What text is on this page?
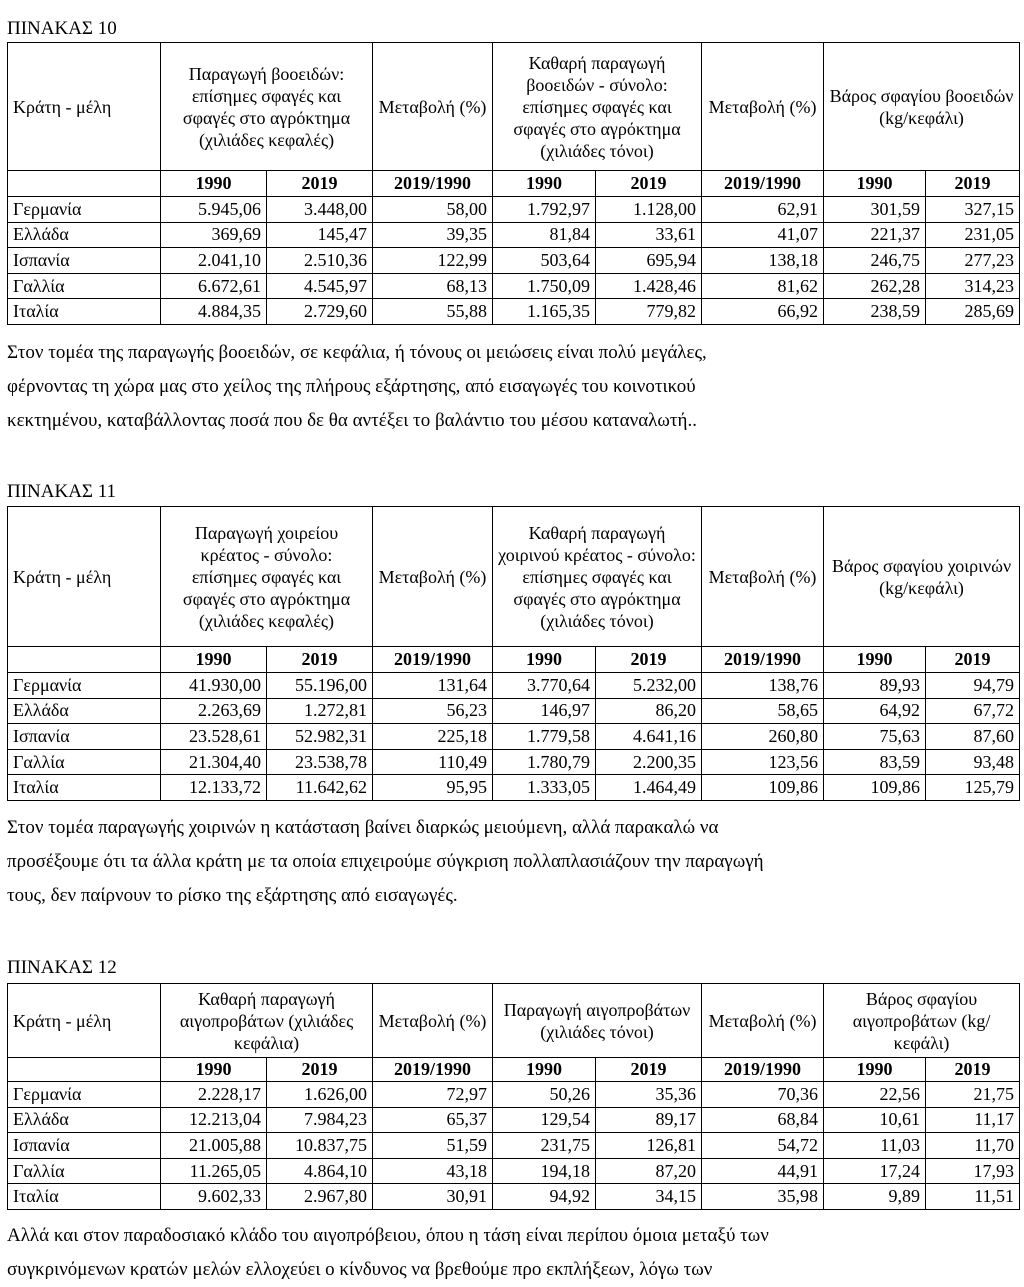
ΠΙΝΑΚΑΣ 10
Κράτη - μέλη	Παραγωγή βοοειδών: επίσημες σφαγές και σφαγές στο αγρόκτημα (χιλιάδες κεφαλές)		Μεταβολή (%)	Καθαρή παραγωγή βοοειδών - σύνολο: επίσημες σφαγές και σφαγές στο αγρόκτημα (χιλιάδες τόνοι)		Μεταβολή (%)	Βάρος σφαγίου βοοειδών (kg/κεφάλι)	
	1990	2019	2019/1990	1990	2019	2019/1990	1990	2019
Γερμανία	5.945,06	3.448,00	58,00	1.792,97	1.128,00	62,91	301,59	327,15
Ελλάδα	369,69	145,47	39,35	81,84	33,61	41,07	221,37	231,05
Ισπανία	2.041,10	2.510,36	122,99	503,64	695,94	138,18	246,75	277,23
Γαλλία	6.672,61	4.545,97	68,13	1.750,09	1.428,46	81,62	262,28	314,23
Ιταλία	4.884,35	2.729,60	55,88	1.165,35	779,82	66,92	238,59	285,69
Στον τομέα της παραγωγής βοοειδών, σε κεφάλια, ή τόνους οι μειώσεις είναι πολύ μεγάλες,
φέρνοντας τη χώρα μας στο χείλος της πλήρους εξάρτησης, από εισαγωγές του κοινοτικού
κεκτημένου, καταβάλλοντας ποσά που δε θα αντέξει το βαλάντιο του μέσου καταναλωτή..
ΠΙΝΑΚΑΣ 11
Κράτη - μέλη	Παραγωγή χοιρείου κρέατος - σύνολο: επίσημες σφαγές και σφαγές στο αγρόκτημα (χιλιάδες κεφαλές)		Μεταβολή (%)	Καθαρή παραγωγή χοιρινού κρέατος - σύνολο: επίσημες σφαγές και σφαγές στο αγρόκτημα (χιλιάδες τόνοι)		Μεταβολή (%)	Βάρος σφαγίου χοιρινών (kg/κεφάλι)	
	1990	2019	2019/1990	1990	2019	2019/1990	1990	2019
Γερμανία	41.930,00	55.196,00	131,64	3.770,64	5.232,00	138,76	89,93	94,79
Ελλάδα	2.263,69	1.272,81	56,23	146,97	86,20	58,65	64,92	67,72
Ισπανία	23.528,61	52.982,31	225,18	1.779,58	4.641,16	260,80	75,63	87,60
Γαλλία	21.304,40	23.538,78	110,49	1.780,79	2.200,35	123,56	83,59	93,48
Ιταλία	12.133,72	11.642,62	95,95	1.333,05	1.464,49	109,86	109,86	125,79
Στον τομέα παραγωγής χοιρινών η κατάσταση βαίνει διαρκώς μειούμενη, αλλά παρακαλώ να
προσέξουμε ότι τα άλλα κράτη με τα οποία επιχειρούμε σύγκριση πολλαπλασιάζουν την παραγωγή
τους, δεν παίρνουν το ρίσκο της εξάρτησης από εισαγωγές.
ΠΙΝΑΚΑΣ 12
Κράτη - μέλη	Καθαρή παραγωγή αιγοπροβάτων (χιλιάδες κεφάλια)		Μεταβολή (%)	Παραγωγή αιγοπροβάτων (χιλιάδες τόνοι)		Μεταβολή (%)	Βάρος σφαγίου αιγοπροβάτων (kg/κεφάλι)	
	1990	2019	2019/1990	1990	2019	2019/1990	1990	2019
Γερμανία	2.228,17	1.626,00	72,97	50,26	35,36	70,36	22,56	21,75
Ελλάδα	12.213,04	7.984,23	65,37	129,54	89,17	68,84	10,61	11,17
Ισπανία	21.005,88	10.837,75	51,59	231,75	126,81	54,72	11,03	11,70
Γαλλία	11.265,05	4.864,10	43,18	194,18	87,20	44,91	17,24	17,93
Ιταλία	9.602,33	2.967,80	30,91	94,92	34,15	35,98	9,89	11,51
Αλλά και στον παραδοσιακό κλάδο του αιγοπρόβειου, όπου η τάση είναι περίπου όμοια μεταξύ των
συγκρινόμενων κρατών μελών ελλοχεύει ο κίνδυνος να βρεθούμε προ εκπλήξεων, λόγω των
